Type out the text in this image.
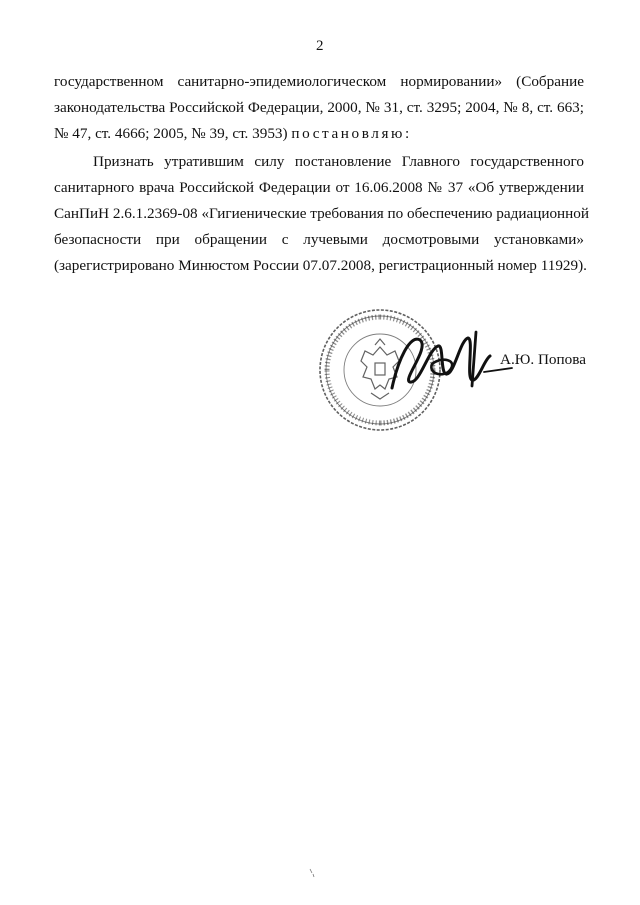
2
государственном санитарно-эпидемиологическом нормировании» (Собрание
законодательства Российской Федерации, 2000, № 31, ст. 3295; 2004, № 8, ст. 663;
№ 47, ст. 4666; 2005, № 39, ст. 3953) постановляю:
Признать утратившим силу постановление Главного государственного
санитарного врача Российской Федерации от 16.06.2008 № 37 «Об утверждении
СанПиН 2.6.1.2369-08 «Гигиенические требования по обеспечению радиационной
безопасности при обращении с лучевыми досмотровыми установками»
(зарегистрировано Минюстом России 07.07.2008, регистрационный номер 11929).
А.Ю. Попова
